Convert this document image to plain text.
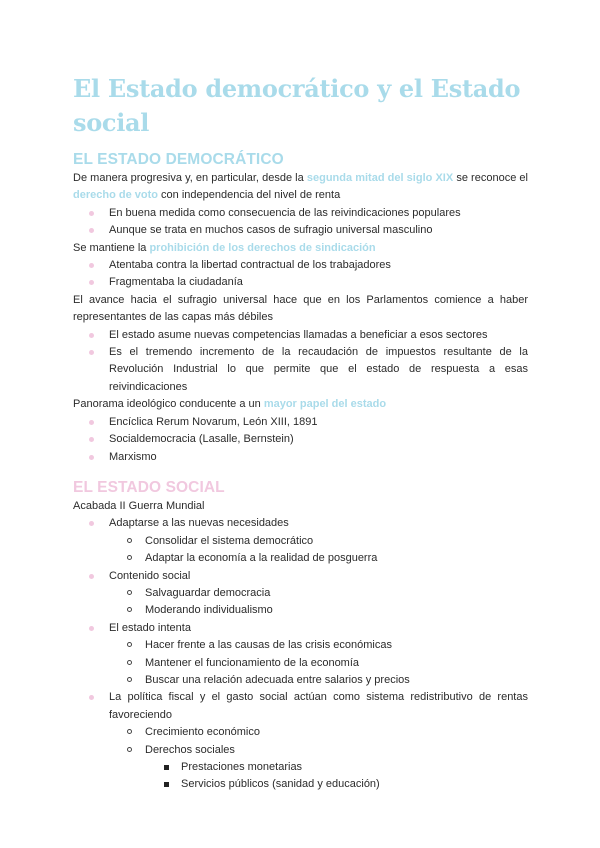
El Estado democrático y el Estado social
EL ESTADO DEMOCRÁTICO

De manera progresiva y, en particular, desde la segunda mitad del siglo XIX se reconoce el derecho de voto con independencia del nivel de renta

En buena medida como consecuencia de las reivindicaciones populares
Aunque se trata en muchos casos de sufragio universal masculino

Se mantiene la prohibición de los derechos de sindicación

Atentaba contra la libertad contractual de los trabajadores
Fragmentaba la ciudadanía

El avance hacia el sufragio universal hace que en los Parlamentos comience a haber representantes de las capas más débiles

El estado asume nuevas competencias llamadas a beneficiar a esos sectores
Es el tremendo incremento de la recaudación de impuestos resultante de la Revolución Industrial lo que permite que el estado de respuesta a esas reivindicaciones

Panorama ideológico conducente a un mayor papel del estado

Encíclica Rerum Novarum, León XIII, 1891
Socialdemocracia (Lasalle, Bernstein)
Marxismo
EL ESTADO SOCIAL

Acabada II Guerra Mundial

Adaptarse a las nuevas necesidades
Consolidar el sistema democrático
Adaptar la economía a la realidad de posguerra
Contenido social
Salvaguardar democracia
Moderando individualismo
El estado intenta
Hacer frente a las causas de las crisis económicas
Mantener el funcionamiento de la economía
Buscar una relación adecuada entre salarios y precios
La política fiscal y el gasto social actúan como sistema redistributivo de rentas favoreciendo
Crecimiento económico
Derechos sociales
Prestaciones monetarias
Servicios públicos (sanidad y educación)
